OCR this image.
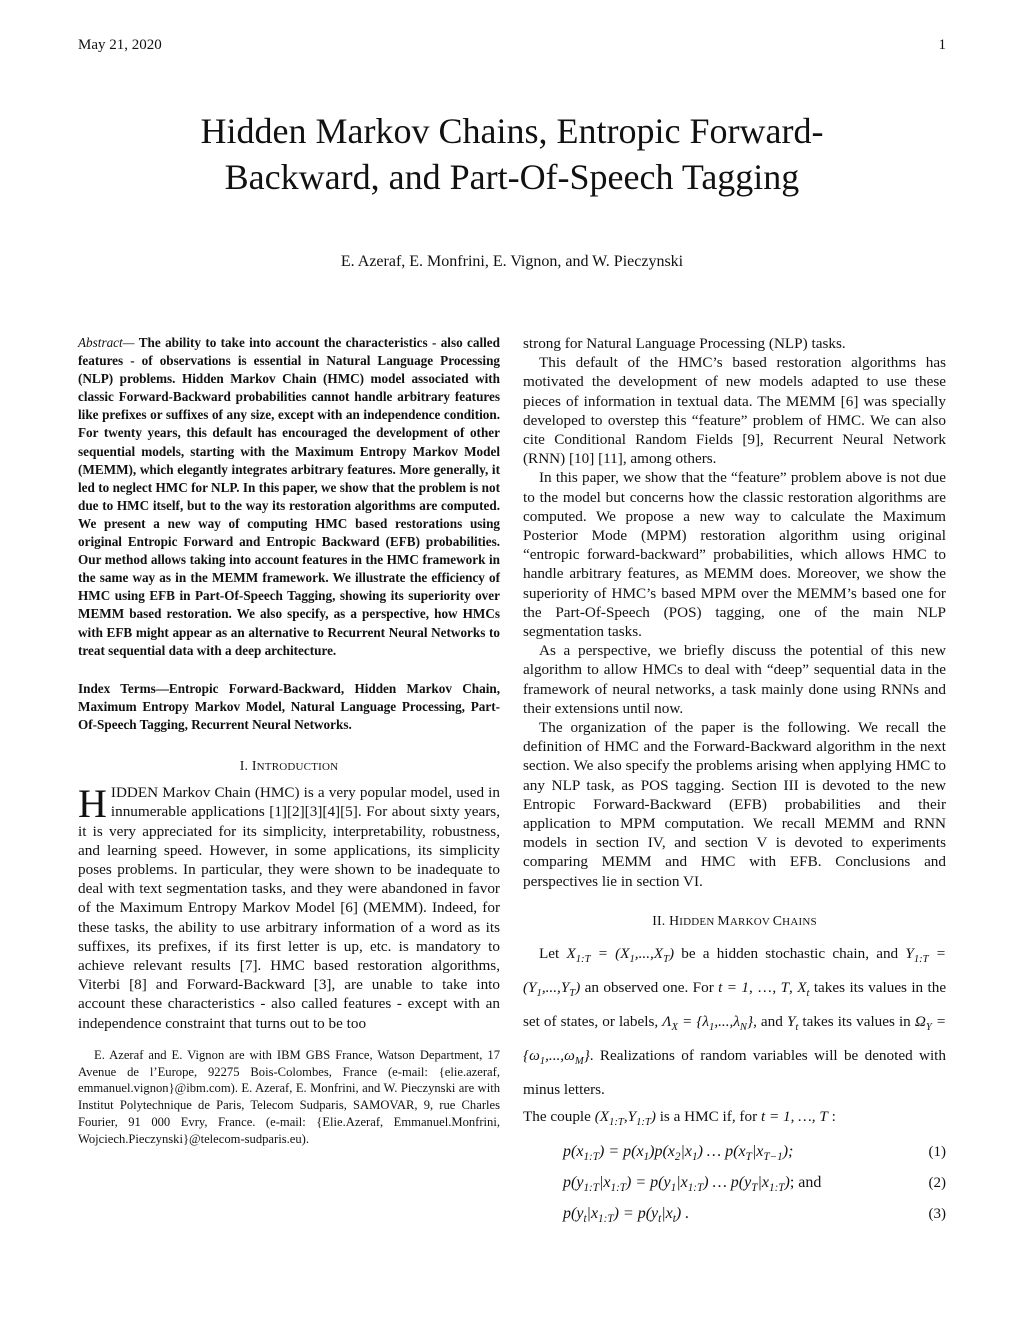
May 21, 2020	1
Hidden Markov Chains, Entropic Forward-
Backward, and Part-Of-Speech Tagging
E. Azeraf, E. Monfrini, E. Vignon, and W. Pieczynski

Abstract— The ability to take into account the characteristics - also called features - of observations is essential in Natural Language Processing (NLP) problems. Hidden Markov Chain (HMC) model associated with classic Forward-Backward probabilities cannot handle arbitrary features like prefixes or suffixes of any size, except with an independence condition. For twenty years, this default has encouraged the development of other sequential models, starting with the Maximum Entropy Markov Model (MEMM), which elegantly integrates arbitrary features. More generally, it led to neglect HMC for NLP. In this paper, we show that the problem is not due to HMC itself, but to the way its restoration algorithms are computed. We present a new way of computing HMC based restorations using original Entropic Forward and Entropic Backward (EFB) probabilities. Our method allows taking into account features in the HMC framework in the same way as in the MEMM framework. We illustrate the efficiency of HMC using EFB in Part-Of-Speech Tagging, showing its superiority over MEMM based restoration. We also specify, as a perspective, how HMCs with EFB might appear as an alternative to Recurrent Neural Networks to treat sequential data with a deep architecture.

Index Terms—Entropic Forward-Backward, Hidden Markov Chain, Maximum Entropy Markov Model, Natural Language Processing, Part-Of-Speech Tagging, Recurrent Neural Networks.

I. INTRODUCTION

HIDDEN Markov Chain (HMC) is a very popular model, used in innumerable applications [1][2][3][4][5]. For about sixty years, it is very appreciated for its simplicity, interpretability, robustness, and learning speed. However, in some applications, its simplicity poses problems. In particular, they were shown to be inadequate to deal with text segmentation tasks, and they were abandoned in favor of the Maximum Entropy Markov Model [6] (MEMM). Indeed, for these tasks, the ability to use arbitrary information of a word as its suffixes, its prefixes, if its first letter is up, etc. is mandatory to achieve relevant results [7]. HMC based restoration algorithms, Viterbi [8] and Forward-Backward [3], are unable to take into account these characteristics - also called features - except with an independence constraint that turns out to be too

E. Azeraf and E. Vignon are with IBM GBS France, Watson Department, 17 Avenue de l’Europe, 92275 Bois-Colombes, France (e-mail: {elie.azeraf, emmanuel.vignon}@ibm.com). E. Azeraf, E. Monfrini, and W. Pieczynski are with Institut Polytechnique de Paris, Telecom Sudparis, SAMOVAR, 9, rue Charles Fourier, 91 000 Evry, France. (e-mail: {Elie.Azeraf, Emmanuel.Monfrini, Wojciech.Pieczynski}@telecom-sudparis.eu).

strong for Natural Language Processing (NLP) tasks.

This default of the HMC’s based restoration algorithms has motivated the development of new models adapted to use these pieces of information in textual data. The MEMM [6] was specially developed to overstep this “feature” problem of HMC. We can also cite Conditional Random Fields [9], Recurrent Neural Network (RNN) [10] [11], among others.

In this paper, we show that the “feature” problem above is not due to the model but concerns how the classic restoration algorithms are computed. We propose a new way to calculate the Maximum Posterior Mode (MPM) restoration algorithm using original “entropic forward-backward” probabilities, which allows HMC to handle arbitrary features, as MEMM does. Moreover, we show the superiority of HMC’s based MPM over the MEMM’s based one for the Part-Of-Speech (POS) tagging, one of the main NLP segmentation tasks.

As a perspective, we briefly discuss the potential of this new algorithm to allow HMCs to deal with “deep” sequential data in the framework of neural networks, a task mainly done using RNNs and their extensions until now.

The organization of the paper is the following. We recall the definition of HMC and the Forward-Backward algorithm in the next section. We also specify the problems arising when applying HMC to any NLP task, as POS tagging. Section III is devoted to the new Entropic Forward-Backward (EFB) probabilities and their application to MPM computation. We recall MEMM and RNN models in section IV, and section V is devoted to experiments comparing MEMM and HMC with EFB. Conclusions and perspectives lie in section VI.

II. HIDDEN MARKOV CHAINS

Let $X_{1:T} = (X_1,...,X_T)$ be a hidden stochastic chain, and $Y_{1:T} = (Y_1,...,Y_T)$ an observed one. For t = 1, …, T, $X_t$ takes its values in the set of states, or labels, $\Lambda_X = \{\lambda_1,...,\lambda_N\}$, and $Y_t$ takes its values in $\Omega_Y = \{\omega_1,...,\omega_M\}$. Realizations of random variables will be denoted with minus letters.

The couple $(X_{1:T},Y_{1:T})$ is a HMC if, for t = 1, …, T :

$p(x_{1:T}) = p(x_1)p(x_2|x_1)$ … $p(x_T|x_{T-1})$;	(1)
$p(y_{1:T}|x_{1:T}) = p(y_1|x_{1:T})$ … $p(y_T|x_{1:T})$; and	(2)
$p(y_t|x_{1:T}) = p(y_t|x_t)$ .	(3)
